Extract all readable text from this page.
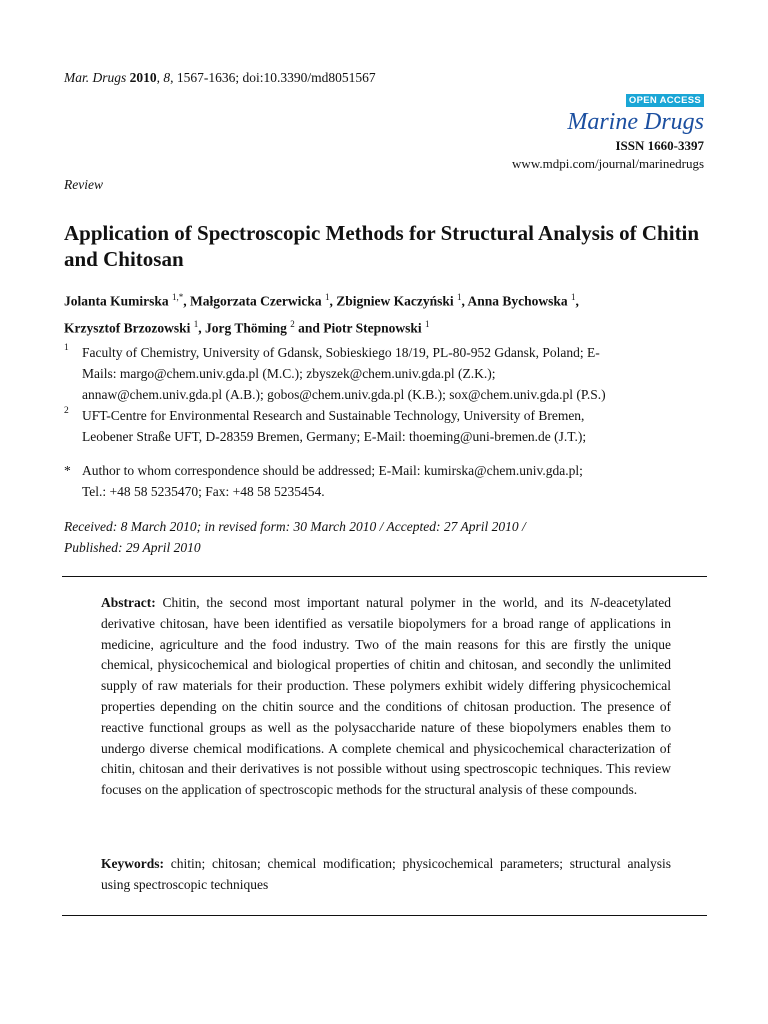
Mar. Drugs 2010, 8, 1567-1636; doi:10.3390/md8051567
OPEN ACCESS
Marine Drugs
ISSN 1660-3397
www.mdpi.com/journal/marinedrugs
Review
Application of Spectroscopic Methods for Structural Analysis of Chitin and Chitosan
Jolanta Kumirska $^{1,*}$, Małgorzata Czerwicka $^1$, Zbigniew Kaczyński $^1$, Anna Bychowska $^1$,
Krzysztof Brzozowski $^1$, Jorg Thöming $^2$ and Piotr Stepnowski $^1$
1 Faculty of Chemistry, University of Gdansk, Sobieskiego 18/19, PL-80-952 Gdansk, Poland; E-
Mails: margo@chem.univ.gda.pl (M.C.); zbyszek@chem.univ.gda.pl (Z.K.);
annaw@chem.univ.gda.pl (A.B.); gobos@chem.univ.gda.pl (K.B.); sox@chem.univ.gda.pl (P.S.)
2 UFT-Centre for Environmental Research and Sustainable Technology, University of Bremen,
Leobener Straße UFT, D-28359 Bremen, Germany; E-Mail: thoeming@uni-bremen.de (J.T.);
* Author to whom correspondence should be addressed; E-Mail: kumirska@chem.univ.gda.pl;
Tel.: +48 58 5235470; Fax: +48 58 5235454.
Received: 8 March 2010; in revised form: 30 March 2010 / Accepted: 27 April 2010 /
Published: 29 April 2010
Abstract: Chitin, the second most important natural polymer in the world, and its N-deacetylated derivative chitosan, have been identified as versatile biopolymers for a broad range of applications in medicine, agriculture and the food industry. Two of the main reasons for this are firstly the unique chemical, physicochemical and biological properties of chitin and chitosan, and secondly the unlimited supply of raw materials for their production. These polymers exhibit widely differing physicochemical properties depending on the chitin source and the conditions of chitosan production. The presence of reactive functional groups as well as the polysaccharide nature of these biopolymers enables them to undergo diverse chemical modifications. A complete chemical and physicochemical characterization of chitin, chitosan and their derivatives is not possible without using spectroscopic techniques. This review focuses on the application of spectroscopic methods for the structural analysis of these compounds.
Keywords: chitin; chitosan; chemical modification; physicochemical parameters; structural analysis using spectroscopic techniques
